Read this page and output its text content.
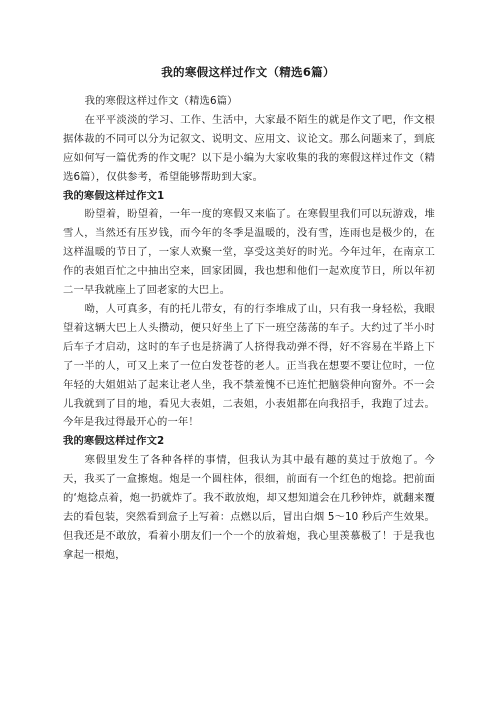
我的寒假这样过作文（精选6篇）

我的寒假这样过作文（精选6篇）

在平平淡淡的学习、工作、生活中，大家最不陌生的就是作文了吧，作文根据体裁的不同可以分为记叙文、说明文、应用文、议论文。那么问题来了，到底应如何写一篇优秀的作文呢？以下是小编为大家收集的我的寒假这样过作文（精选6篇），仅供参考，希望能够帮助到大家。

我的寒假这样过作文1

盼望着，盼望着，一年一度的寒假又来临了。在寒假里我们可以玩游戏，堆雪人，当然还有压岁钱，而今年的冬季是温暖的，没有雪，连雨也是极少的，在这样温暖的节日了，一家人欢聚一堂，享受这美好的时光。今年过年，在南京工作的表姐百忙之中抽出空来，回家团圆，我也想和他们一起欢度节日，所以年初二一早我就座上了回老家的大巴上。

呦，人可真多，有的托儿带女，有的行李堆成了山，只有我一身轻松，我眼望着这辆大巴上人头攒动，便只好坐上了下一班空荡荡的车子。大约过了半小时后车子才启动，这时的车子也是挤满了人挤得我动弹不得，好不容易在半路上下了一半的人，可又上来了一位白发苍苍的老人。正当我在想要不要让位时，一位年轻的大姐姐站了起来让老人坐，我不禁羞愧不已连忙把脑袋伸向窗外。不一会儿我就到了目的地，看见大表姐，二表姐，小表姐都在向我招手，我跑了过去。今年是我过得最开心的一年！

我的寒假这样过作文2

寒假里发生了各种各样的事情，但我认为其中最有趣的莫过于放炮了。今天，我买了一盒擦炮。炮是一个圆柱体，很细，前面有一个红色的炮捻。把前面的‘炮捻点着，炮一扔就炸了。我不敢放炮，却又想知道会在几秒钟炸，就翻来覆去的看包装，突然看到盒子上写着：点燃以后，冒出白烟 5～10 秒后产生效果。但我还是不敢放，看着小朋友们一个一个的放着炮，我心里羡慕极了！于是我也拿起一根炮，
